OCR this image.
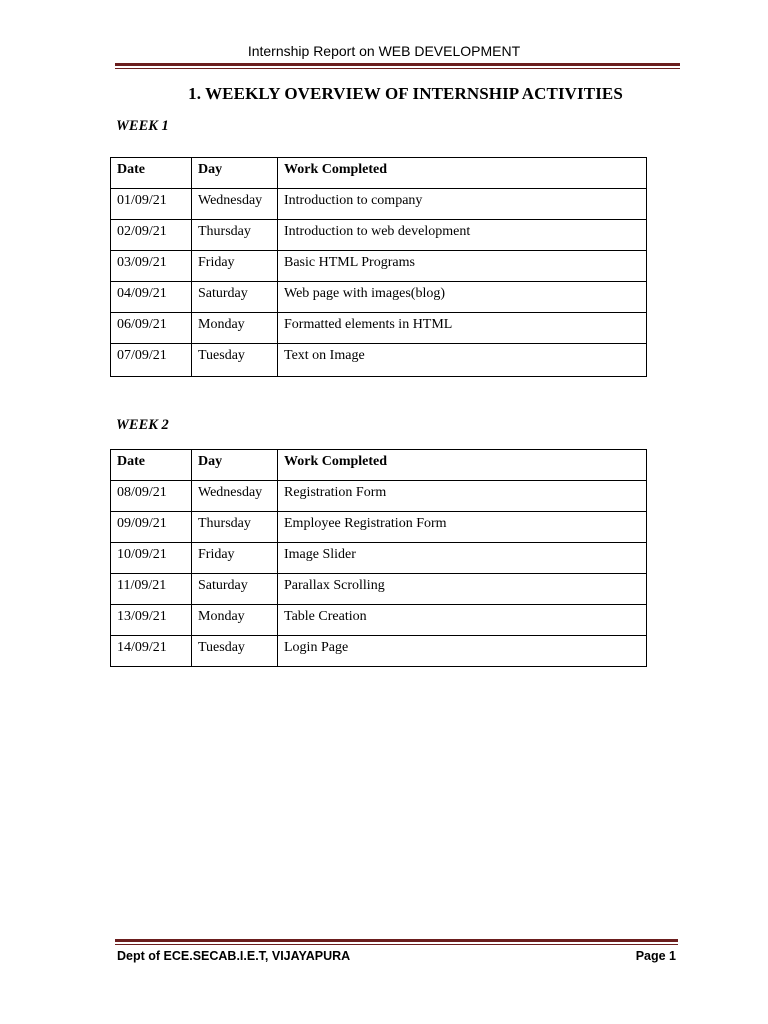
Internship Report on WEB DEVELOPMENT
1. WEEKLY OVERVIEW OF INTERNSHIP ACTIVITIES
WEEK 1
Date	Day	Work Completed
01/09/21	Wednesday	Introduction to company
02/09/21	Thursday	Introduction to web development
03/09/21	Friday	Basic HTML Programs
04/09/21	Saturday	Web page with images(blog)
06/09/21	Monday	Formatted elements in HTML
07/09/21	Tuesday	Text on Image
WEEK 2
Date	Day	Work Completed
08/09/21	Wednesday	Registration Form
09/09/21	Thursday	Employee Registration Form
10/09/21	Friday	Image Slider
11/09/21	Saturday	Parallax Scrolling
13/09/21	Monday	Table Creation
14/09/21	Tuesday	Login Page
Dept of ECE.SECAB.I.E.T, VIJAYAPURA	Page 1
